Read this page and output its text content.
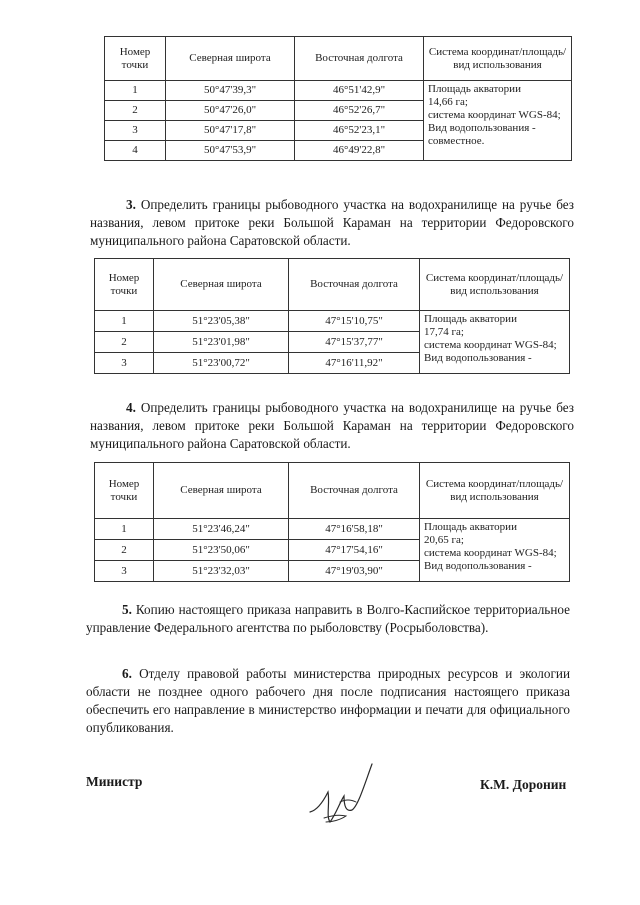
Номер точки	Северная широта	Восточная долгота	Система координат/площадь/вид использования
1	50°47'39,3"	46°51'42,9"	Площадь акватории
14,66 га;
система координат WGS-84;
Вид водопользования -
совместное.

2	50°47'26,0"	46°52'26,7"	
3	50°47'17,8"	46°52'23,1"	
4	50°47'53,9"	46°49'22,8"	

3. Определить границы рыбоводного участка на водохранилище на ручье без названия, левом притоке реки Большой Караман на территории Федоровского муниципального района Саратовской области.

Номер точки	Северная широта	Восточная долгота	Система координат/площадь/вид использования
1	51°23'05,38"	47°15'10,75"	Площадь акватории
17,74 га;
система координат WGS-84;
Вид водопользования -

2	51°23'01,98"	47°15'37,77"	
3	51°23'00,72"	47°16'11,92"	

4. Определить границы рыбоводного участка на водохранилище на ручье без названия, левом притоке реки Большой Караман на территории Федоровского муниципального района Саратовской области.

Номер точки	Северная широта	Восточная долгота	Система координат/площадь/вид использования
1	51°23'46,24"	47°16'58,18"	Площадь акватории
20,65 га;
система координат WGS-84;
Вид водопользования -

2	51°23'50,06"	47°17'54,16"	
3	51°23'32,03"	47°19'03,90"	

5. Копию настоящего приказа направить в Волго-Каспийское территориальное управление Федерального агентства по рыболовству (Росрыболовства).

6. Отделу правовой работы министерства природных ресурсов и экологии области не позднее одного рабочего дня после подписания настоящего приказа обеспечить его направление в министерство информации и печати для официального опубликования.

Министр	К.М. Доронин
